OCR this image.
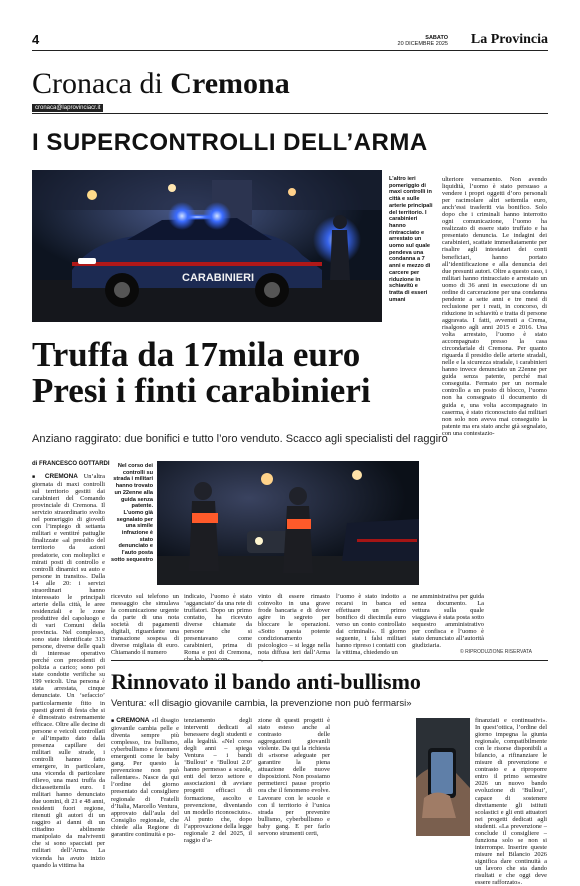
4	SABATO
20 DICEMBRE 2025 La Provincia
Cronaca di Cremona
cronaca@laprovinciacr.it
I SUPERCONTROLLI DELL’ARMA
CARABINIERI
L’altro ieri pomeriggio di maxi controlli in città e sulle arterie principali del territorio. I carabinieri hanno rintracciato e arrestato un uomo sul quale pendeva una condanna a 7 anni e mezzo di carcere per riduzione in schiavitù e tratta di esseri umani
Truffa da 17mila euro Presi i finti carabinieri
Anziano raggirato: due bonifici e tutto l’oro venduto. Scacco agli specialisti del raggiro
di FRANCESCO GOTTARDI	Nel corso dei controlli su strada i militari hanno trovato un 22enne alla guida senza patente. L’uomo già segnalato per una simile infrazione è stato denunciato e l’auto posta sotto sequestro
■ CREMONA Un’altra giornata di maxi controlli sul territorio gestiti dai carabinieri del Comando provinciale di Cremona. Il servizio straordinario svolto nel pomeriggio di giovedì con l’impiego di settanta militari e ventitré pattuglie finalizzate «al presidio del territorio da azioni predatorie, con molteplici e mirati posti di controllo e controlli dinamici su auto e persone in transito». Dalla 14 alle 20: i servizi straordinari hanno interessato le principali arterie della città, le aree residenziali e le zone produttive del capoluogo e di vari Comuni della provincia. Nel complesso, sono state identificate 313 persone, diverse delle quali di interesse operativo perché con precedenti di polizia a carico; sono poi state condotte verifiche su 199 veicoli. Una persona è stata arrestata, cinque denunciate. Un ‘sefaccio’ particolarmente fitto in questi giorni di festa che si è dimostrato estremamente efficace. Oltre alle decine di persone e veicoli controllati e all’impatto dato dalla presenza capillare dei militari sulle strade, i controlli hanno fatto emergere, in particolare, una vicenda di particolare rilievo, una maxi truffa da diciassettemila euro. I militari hanno denunciato due uomini, di 21 e 48 anni, residenti fuori regione, ritenuti gli autori di un raggiro ai danni di un cittadino abilmente manipolato da malviventi che si sono spacciati per militari dell’Arma. La vicenda ha avuto inizio quando la vittima ha
ricevuto sul telefono un messaggio che simulava la comunicazione urgente da parte di una nota società di pagamenti digitali, riguardante una transazione sospesa di diverse migliaia di euro. Chiamando il numero
indicato, l’uomo è stato ‘agganciato’ da una rete di truffatori. Dopo un primo contatto, ha ricevuto diverse chiamate da persone che si presentavano come carabinieri, prima di Roma e poi di Cremona,
vinto di essere rimasto coinvolto in una grave frode bancaria e di dover agire in segreto per bloccare le operazioni. «Sotto questa potente condizionamento psicologico – si legge nella nota diffusa ieri dall’Arma
l’uomo è stato indotto a recarsi in banca ed effettuare un primo bonifico di diecimila euro verso un conto controllato dai criminali». Il giorno seguente, i falsi militari hanno ripreso i contatti con la vittima, chiedendo un
ne amministrativa per guida senza documento. La vettura sulla quale viaggiava è stata posta sotto sequestro amministrativo per confisca e l’uomo è stato denunciato all’autorità giudiziaria.
ulteriore versamento. Non avendo liquidità, l’uomo è stato persuaso a vendere i propri oggetti d’oro personali per racimolare altri settemila euro, anch’essi trasferiti via bonifico. Solo dopo che i criminali hanno interrotto ogni comunicazione, l’uomo ha realizzato di essere stato truffato e ha presentato denuncia. Le indagini dei carabinieri, scattate immediatamente per risalire agli intestatari dei conti beneficiari, hanno portato all’identificazione e alla denuncia dei due presunti autori. Oltre a questo caso, i militari hanno rintracciato e arrestato un uomo di 36 anni in esecuzione di un ordine di carcerazione per una condanna pendente a sette anni e tre mesi di reclusione per i reati, in concorso, di riduzione in schiavitù e tratta di persone aggravata. I fatti, avvenuti a Crema, risalgono agli anni 2015 e 2016. Una volta arrestato, l’uomo è stato accompagnato presso la casa circondariale di Cremona. Per quanto riguarda il presidio delle arterie stradali, nelle e la sicurezza stradale, i carabinieri hanno invece denunciato un 22enne per guida senza patente, perché mai conseguita. Fermato per un normale controllo a un posto di blocco, l’uomo non ha consegnato il documento di guida e, una volta accompagnato in caserma, è stato riconosciuto dai militari non solo non aveva mai conseguito la patente ma era stato anche già segnalato, con una contestazio-
© RIPRODUZIONE RISERVATA
Rinnovato il bando anti-bullismo
Ventura: «Il disagio giovanile cambia, la prevenzione non può fermarsi»
■ CREMONA «Il disagio giovanile cambia pelle e diventa sempre più complesso, tra bullismo, cyberbullismo e fenomeni emergenti come le baby gang. Per questo la prevenzione non può rallentare». Nasce da qui l’ordine del giorno presentato dal consigliere regionale di Fratelli d’Italia, Marcello Ventura, approvato dall’aula del Consiglio regionale, che chiede alla Regione di garantire continuità e po-
tenziamento degli interventi dedicati al benessere degli studenti e alla legalità. «Nel corso degli anni – spiega Ventura – i bandi ‘Bulloui’ e ‘Bulloui 2.0’ hanno permesso a scuole, enti del terzo settore e associazioni di avviare progetti efficaci di formazione, ascolto e prevenzione, diventando un modello riconosciuto». Al punto che, dopo l’approvazione della legge regionale 2 del 2025, il raggio d’a-
zione di questi progetti è stato esteso anche al contrasto delle aggregazioni giovanili violente. Da qui la richiesta di «risorse adeguate per garantire la piena attuazione delle nuove disposizioni. Non possiamo permetterci pause proprio ora che il fenomeno evolve. Lavorare con le scuole e con il territorio è l’unica strada per prevenire bullismo, cyberbullismo e baby gang. E per farlo servono strumenti certi,
finanziati e continuativi». In quest’ottica, l’ordine del giorno impegna la giunta regionale, compatibilmente con le risorse disponibili a bilancio, a rifinanziare le misure di prevenzione e contrasto e a riproporre entro il primo semestre 2026 un nuovo bando evoluzione di ‘Bulloui’, capace di sostenere direttamente gli istituti scolastici e gli enti attuatori nei progetti dedicati agli studenti. «La prevenzione – conclude il consigliere – funziona solo se non si interrompe. Inserire queste misure nel Bilancio 2026 significa dare continuità a un lavoro che sta dando risultati e che oggi deve essere rafforzato».
